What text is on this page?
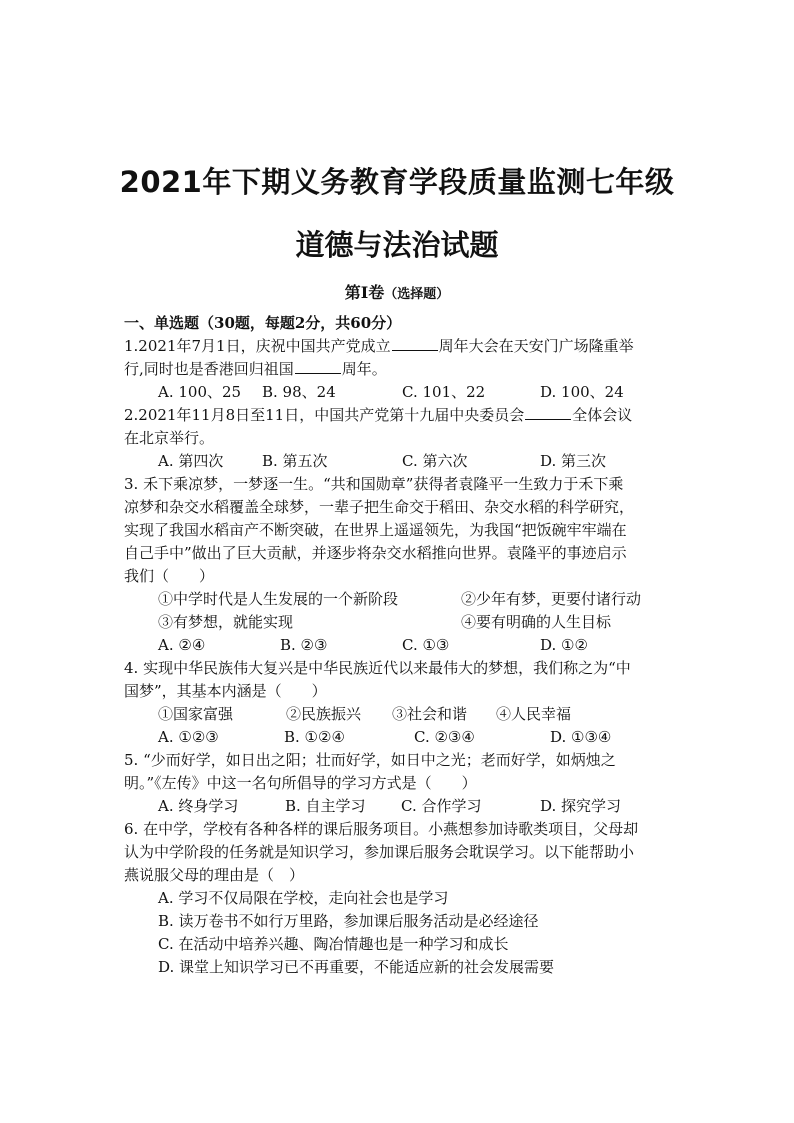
2021年下期义务教育学段质量监测七年级
道德与法治试题
第Ⅰ卷（选择题）
一、单选题（30题，每题2分，共60分）
1.2021年7月1日，庆祝中国共产党成立	周年大会在天安门广场隆重举
行,同时也是香港回归祖国	周年。
A. 100、25 B. 98、24	C. 101、22	D. 100、24
2.2021年11月8日至11日，中国共产党第十九届中央委员会	全体会议
在北京举行。
A. 第四次	B. 第五次	C. 第六次	D. 第三次
3. 禾下乘凉梦，一梦逐一生。“共和国勋章”获得者袁隆平一生致力于禾下乘
凉梦和杂交水稻覆盖全球梦，一辈子把生命交于稻田、杂交水稻的科学研究，
实现了我国水稻亩产不断突破，在世界上遥遥领先，为我国“把饭碗牢牢端在
自己手中”做出了巨大贡献，并逐步将杂交水稻推向世界。袁隆平的事迹启示
我们（　　）
①中学时代是人生发展的一个新阶段	②少年有梦，更要付诸行动
③有梦想，就能实现	④要有明确的人生目标
A. ②④	B. ②③	C. ①③	D. ①②
4. 实现中华民族伟大复兴是中华民族近代以来最伟大的梦想，我们称之为“中
国梦”，其基本内涵是（　　）
①国家富强	②民族振兴 ③社会和谐 ④人民幸福
A. ①②③	B. ①②④	C. ②③④	D. ①③④
5. “少而好学，如日出之阳；壮而好学，如日中之光；老而好学，如炳烛之
明。”《左传》中这一名句所倡导的学习方式是（　　）
A. 终身学习	B. 自主学习 C. 合作学习	D. 探究学习
6. 在中学，学校有各种各样的课后服务项目。小燕想参加诗歌类项目，父母却
认为中学阶段的任务就是知识学习，参加课后服务会耽误学习。以下能帮助小
燕说服父母的理由是（　）
A. 学习不仅局限在学校，走向社会也是学习
B. 读万卷书不如行万里路，参加课后服务活动是必经途径
C. 在活动中培养兴趣、陶冶情趣也是一种学习和成长
D. 课堂上知识学习已不再重要，不能适应新的社会发展需要
